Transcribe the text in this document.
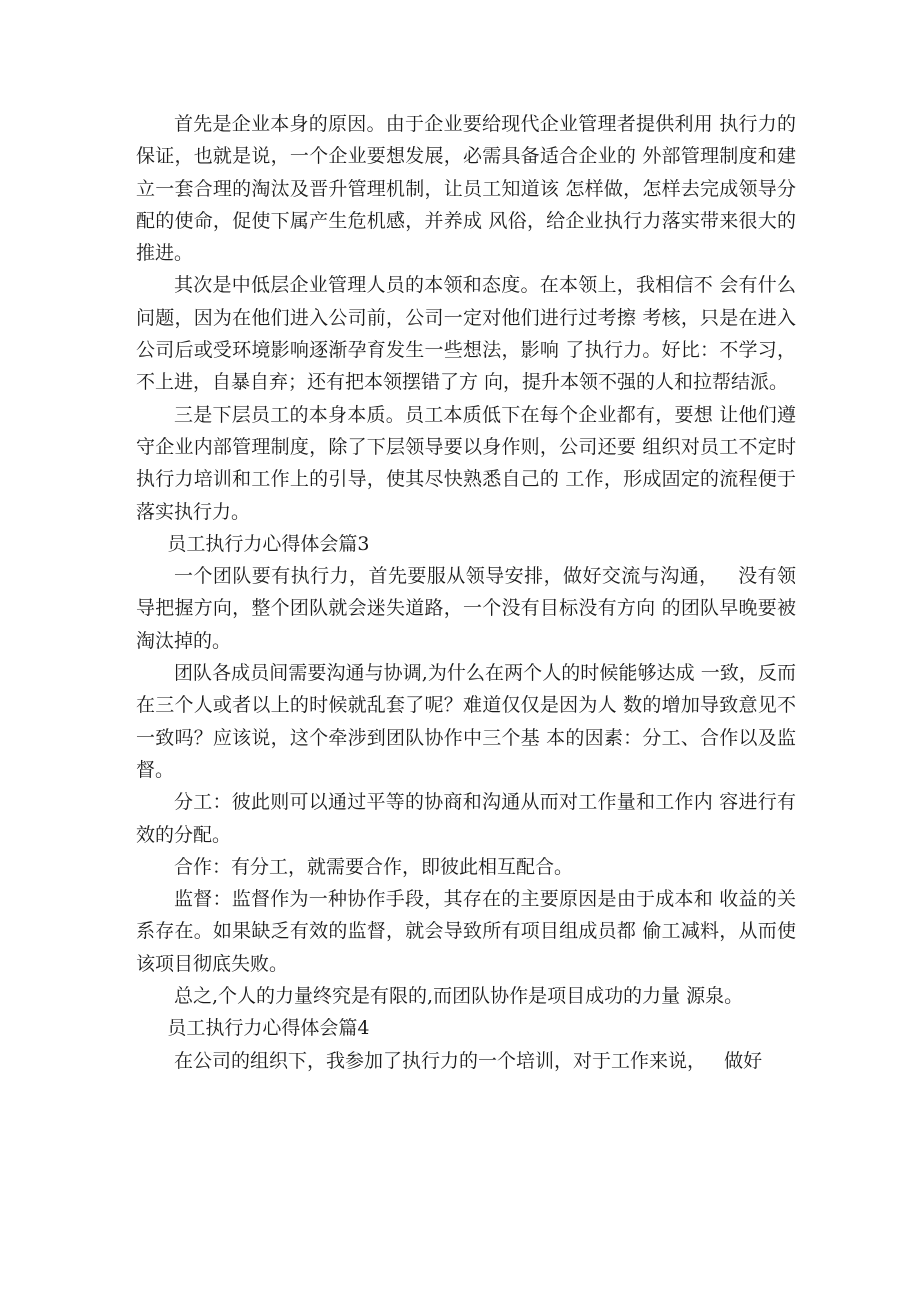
首先是企业本身的原因。由于企业要给现代企业管理者提供利用 执行力的保证，也就是说，一个企业要想发展，必需具备适合企业的 外部管理制度和建立一套合理的淘汰及晋升管理机制，让员工知道该 怎样做，怎样去完成领导分配的使命，促使下属产生危机感，并养成 风俗，给企业执行力落实带来很大的推进。

其次是中低层企业管理人员的本领和态度。在本领上，我相信不 会有什么问题，因为在他们进入公司前，公司一定对他们进行过考擦 考核，只是在进入公司后或受环境影响逐渐孕育发生一些想法，影响 了执行力。好比：不学习，不上进，自暴自弃；还有把本领摆错了方 向，提升本领不强的人和拉帮结派。

三是下层员工的本身本质。员工本质低下在每个企业都有，要想 让他们遵守企业内部管理制度，除了下层领导要以身作则，公司还要 组织对员工不定时执行力培训和工作上的引导，使其尽快熟悉自己的 工作，形成固定的流程便于落实执行力。

员工执行力心得体会篇3

一个团队要有执行力，首先要服从领导安排，做好交流与沟通，   没有领导把握方向，整个团队就会迷失道路，一个没有目标没有方向 的团队早晚要被淘汰掉的。

团队各成员间需要沟通与协调,为什么在两个人的时候能够达成 一致，反而在三个人或者以上的时候就乱套了呢？难道仅仅是因为人 数的增加导致意见不一致吗？应该说，这个牵涉到团队协作中三个基 本的因素：分工、合作以及监督。

分工：彼此则可以通过平等的协商和沟通从而对工作量和工作内 容进行有效的分配。

合作：有分工，就需要合作，即彼此相互配合。

监督：监督作为一种协作手段，其存在的主要原因是由于成本和 收益的关系存在。如果缺乏有效的监督，就会导致所有项目组成员都 偷工减料，从而使该项目彻底失败。

总之,个人的力量终究是有限的,而团队协作是项目成功的力量 源泉。

员工执行力心得体会篇4

在公司的组织下，我参加了执行力的一个培训，对于工作来说，   做好
